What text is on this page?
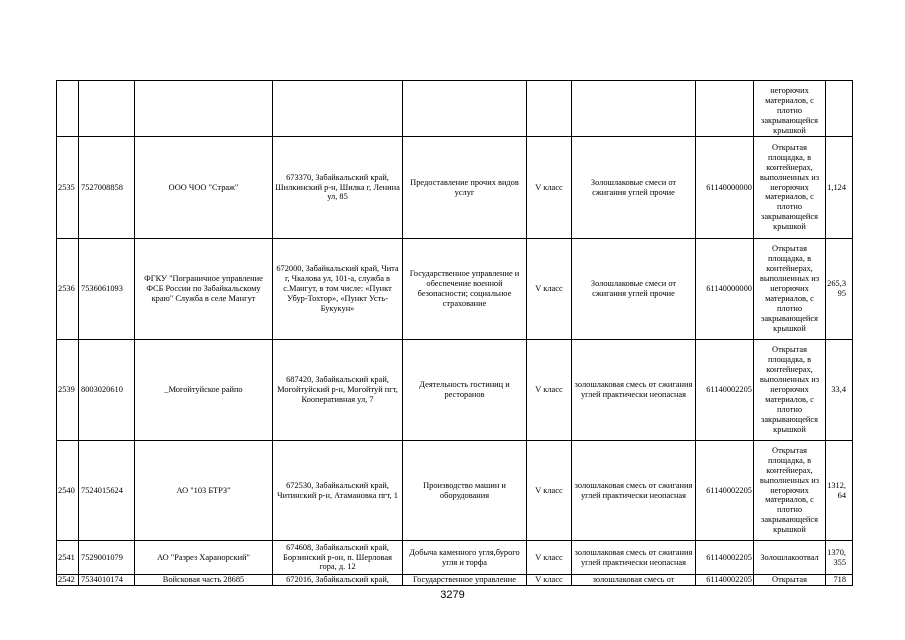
								негорючих материалов, с плотно закрывающейся крышкой	
2535	7527008858	ООО ЧОО "Страж"	673370, Забайкальский край, Шилкинский р-н, Шилка г, Ленина ул, 85	Предоставление прочих видов услуг	V класс	Золошлаковые смеси от сжигания углей прочие	61140000000	Открытая площадка, в контейнерах, выполненных из негорючих материалов, с плотно закрывающейся крышкой	1,124
2536	7536061093	ФГКУ "Пограничное управление ФСБ России по Забайкальскому краю" Служба в селе Мангут	672000, Забайкальский край, Чита г, Чкалова ул, 101-а, служба в с.Мангут, в том числе: «Пункт Убур-Тохтор», «Пункт Усть-Букукун»	Государственное управление и обеспечение военной безопасности; социальное страхование	V класс	Золошлаковые смеси от сжигания углей прочие	61140000000	Открытая площадка, в контейнерах, выполненных из негорючих материалов, с плотно закрывающейся крышкой	265,395
2539	8003020610	_Могойтуйское райпо	687420, Забайкальский край, Могойтуйский р-н, Могойтуй пгт, Кооперативная ул, 7	Деятельность гостиниц и ресторанов	V класс	золошлаковая смесь от сжигания углей практически неопасная	61140002205	Открытая площадка, в контейнерах, выполненных из негорючих материалов, с плотно закрывающейся крышкой	33,4
2540	7524015624	АО "103 БТРЗ"	672530, Забайкальский край, Читинский р-н, Атамановка пгт, 1	Производство машин и оборудования	V класс	золошлаковая смесь от сжигания углей практически неопасная	61140002205	Открытая площадка, в контейнерах, выполненных из негорючих материалов, с плотно закрывающейся крышкой	1312,64
2541	7529001079	АО "Разрез Харанорский"	674608, Забайкальский край, Борзинский р-он, п. Шерловая гора, д. 12	Добыча каменного угля,бурого угля и торфа	V класс	золошлаковая смесь от сжигания углей практически неопасная	61140002205	Золошлакоотвал	1370,355
2542	7534010174	Войсковая часть 28685	672016, Забайкальский край,	Государственное управление	V класс	золошлаковая смесь от	61140002205	Открытая	718
3279
